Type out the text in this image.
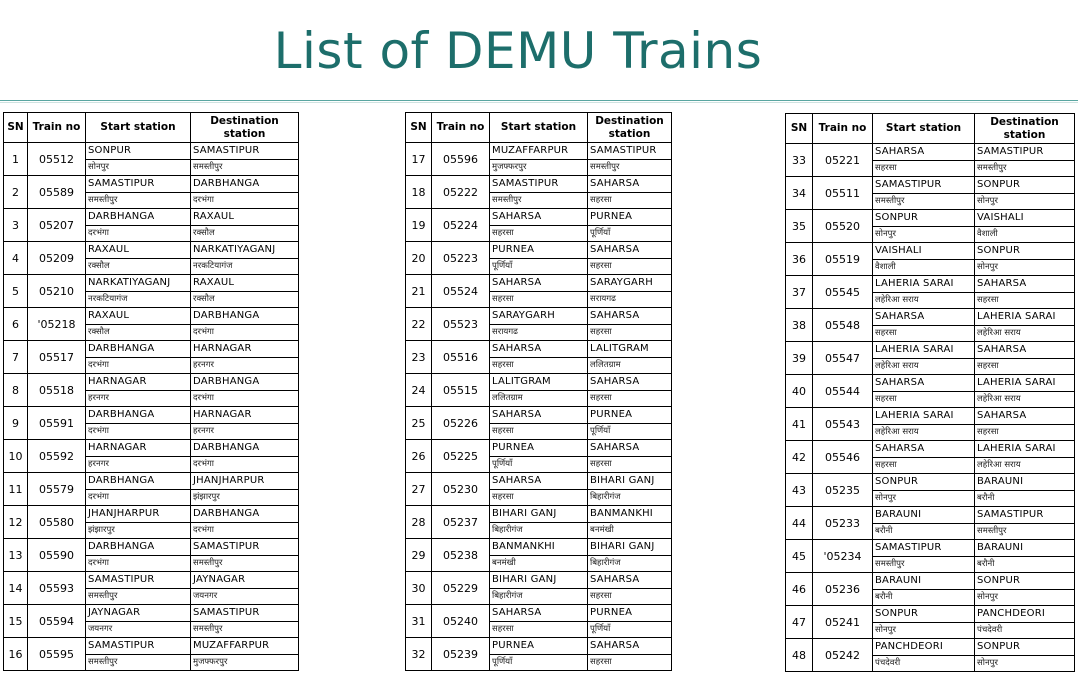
List of DEMU Trains
SN	Train no	Start station	Destination station
1	05512	SONPUR	SAMASTIPUR
		सोनपुर	समस्तीपुर
2	05589	SAMASTIPUR	DARBHANGA
		समस्तीपुर	दरभंगा
3	05207	DARBHANGA	RAXAUL
		दरभंगा	रक्सौल
4	05209	RAXAUL	NARKATIYAGANJ
		रक्सौल	नरकटियागंज
5	05210	NARKATIYAGANJ	RAXAUL
		नरकटियागंज	रक्सौल
6	'05218	RAXAUL	DARBHANGA
		रक्सौल	दरभंगा
7	05517	DARBHANGA	HARNAGAR
		दरभंगा	हरनगर
8	05518	HARNAGAR	DARBHANGA
		हरनगर	दरभंगा
9	05591	DARBHANGA	HARNAGAR
		दरभंगा	हरनगर
10	05592	HARNAGAR	DARBHANGA
		हरनगर	दरभंगा
11	05579	DARBHANGA	JHANJHARPUR
		दरभंगा	झंझारपुर
12	05580	JHANJHARPUR	DARBHANGA
		झंझारपुर	दरभंगा
13	05590	DARBHANGA	SAMASTIPUR
		दरभंगा	समस्तीपुर
14	05593	SAMASTIPUR	JAYNAGAR
		समस्तीपुर	जयनगर
15	05594	JAYNAGAR	SAMASTIPUR
		जयनगर	समस्तीपुर
16	05595	SAMASTIPUR	MUZAFFARPUR
		समस्तीपुर	मुजफ्फरपुर
SN	Train no	Start station	Destination station
17	05596	MUZAFFARPUR	SAMASTIPUR
		मुजफ्फरपुर	समस्तीपुर
18	05222	SAMASTIPUR	SAHARSA
		समस्तीपुर	सहरसा
19	05224	SAHARSA	PURNEA
		सहरसा	पूर्णियाँ
20	05223	PURNEA	SAHARSA
		पूर्णियाँ	सहरसा
21	05524	SAHARSA	SARAYGARH
		सहरसा	सरायगढ
22	05523	SARAYGARH	SAHARSA
		सरायगढ	सहरसा
23	05516	SAHARSA	LALITGRAM
		सहरसा	ललितग्राम
24	05515	LALITGRAM	SAHARSA
		ललितग्राम	सहरसा
25	05226	SAHARSA	PURNEA
		सहरसा	पूर्णियाँ
26	05225	PURNEA	SAHARSA
		पूर्णियाँ	सहरसा
27	05230	SAHARSA	BIHARI GANJ
		सहरसा	बिहारीगंज
28	05237	BIHARI GANJ	BANMANKHI
		बिहारीगंज	बनमंखी
29	05238	BANMANKHI	BIHARI GANJ
		बनमंखी	बिहारीगंज
30	05229	BIHARI GANJ	SAHARSA
		बिहारीगंज	सहरसा
31	05240	SAHARSA	PURNEA
		सहरसा	पूर्णियाँ
32	05239	PURNEA	SAHARSA
		पूर्णियाँ	सहरसा
SN	Train no	Start station	Destination station
33	05221	SAHARSA	SAMASTIPUR
		सहरसा	समस्तीपुर
34	05511	SAMASTIPUR	SONPUR
		समस्तीपुर	सोनपुर
35	05520	SONPUR	VAISHALI
		सोनपुर	वैशाली
36	05519	VAISHALI	SONPUR
		वैशाली	सोनपुर
37	05545	LAHERIA SARAI	SAHARSA
		लहेरिआ सराय	सहरसा
38	05548	SAHARSA	LAHERIA SARAI
		सहरसा	लहेरिआ सराय
39	05547	LAHERIA SARAI	SAHARSA
		लहेरिआ सराय	सहरसा
40	05544	SAHARSA	LAHERIA SARAI
		सहरसा	लहेरिआ सराय
41	05543	LAHERIA SARAI	SAHARSA
		लहेरिआ सराय	सहरसा
42	05546	SAHARSA	LAHERIA SARAI
		सहरसा	लहेरिआ सराय
43	05235	SONPUR	BARAUNI
		सोनपुर	बरौनी
44	05233	BARAUNI	SAMASTIPUR
		बरौनी	समस्तीपुर
45	'05234	SAMASTIPUR	BARAUNI
		समस्तीपुर	बरौनी
46	05236	BARAUNI	SONPUR
		बरौनी	सोनपुर
47	05241	SONPUR	PANCHDEORI
		सोनपुर	पंचदेवरी
48	05242	PANCHDEORI	SONPUR
		पंचदेवरी	सोनपुर
